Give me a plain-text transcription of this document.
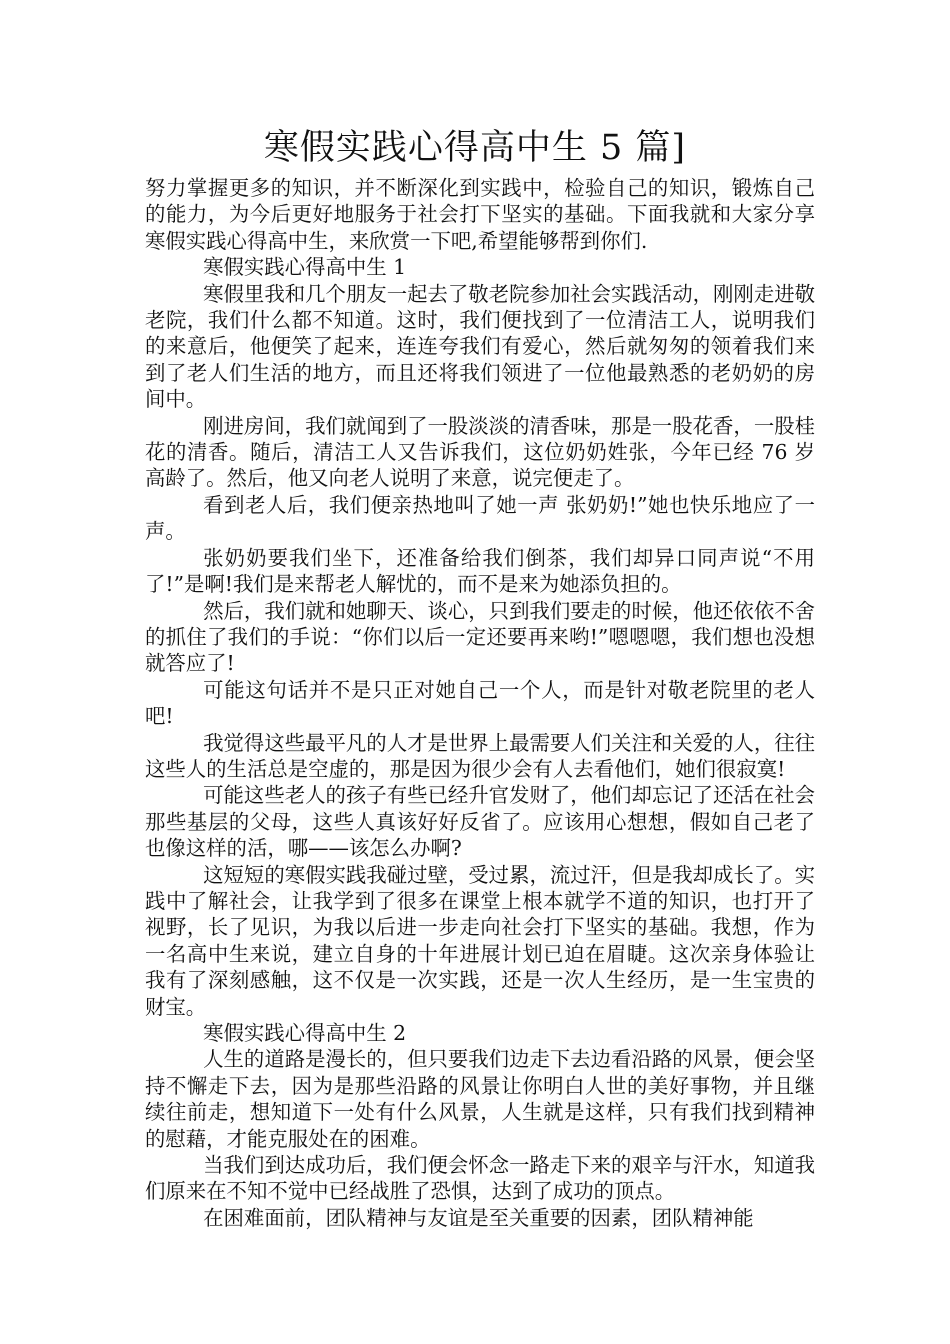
寒假实践心得高中生 5 篇]

努力掌握更多的知识，并不断深化到实践中，检验自己的知识，锻炼自己的能力，为今后更好地服务于社会打下坚实的基础。下面我就和大家分享寒假实践心得高中生，来欣赏一下吧,希望能够帮到你们.

寒假实践心得高中生 1

寒假里我和几个朋友一起去了敬老院参加社会实践活动，刚刚走进敬老院，我们什么都不知道。这时，我们便找到了一位清洁工人，说明我们的来意后，他便笑了起来，连连夸我们有爱心，然后就匆匆的领着我们来到了老人们生活的地方，而且还将我们领进了一位他最熟悉的老奶奶的房间中。

刚进房间，我们就闻到了一股淡淡的清香味，那是一股花香，一股桂花的清香。随后，清洁工人又告诉我们，这位奶奶姓张，今年已经 76 岁高龄了。然后，他又向老人说明了来意，说完便走了。

看到老人后，我们便亲热地叫了她一声 张奶奶!”她也快乐地应了一声。

张奶奶要我们坐下，还准备给我们倒茶，我们却异口同声说“不用了!”是啊!我们是来帮老人解忧的，而不是来为她添负担的。

然后，我们就和她聊天、谈心，只到我们要走的时候，他还依依不舍的抓住了我们的手说：“你们以后一定还要再来哟!”嗯嗯嗯，我们想也没想就答应了!

可能这句话并不是只正对她自己一个人，而是针对敬老院里的老人吧!

我觉得这些最平凡的人才是世界上最需要人们关注和关爱的人，往往这些人的生活总是空虚的，那是因为很少会有人去看他们，她们很寂寞!

可能这些老人的孩子有些已经升官发财了，他们却忘记了还活在社会那些基层的父母，这些人真该好好反省了。应该用心想想，假如自己老了也像这样的活，哪——该怎么办啊?

这短短的寒假实践我碰过壁，受过累，流过汗，但是我却成长了。实践中了解社会，让我学到了很多在课堂上根本就学不道的知识，也打开了视野，长了见识，为我以后进一步走向社会打下坚实的基础。我想，作为一名高中生来说，建立自身的十年进展计划已迫在眉睫。这次亲身体验让我有了深刻感触，这不仅是一次实践，还是一次人生经历，是一生宝贵的财宝。

寒假实践心得高中生 2

人生的道路是漫长的，但只要我们边走下去边看沿路的风景，便会坚持不懈走下去，因为是那些沿路的风景让你明白人世的美好事物，并且继续往前走，想知道下一处有什么风景，人生就是这样，只有我们找到精神的慰藉，才能克服处在的困难。

当我们到达成功后，我们便会怀念一路走下来的艰辛与汗水，知道我们原来在不知不觉中已经战胜了恐惧，达到了成功的顶点。

在困难面前，团队精神与友谊是至关重要的因素，团队精神能
